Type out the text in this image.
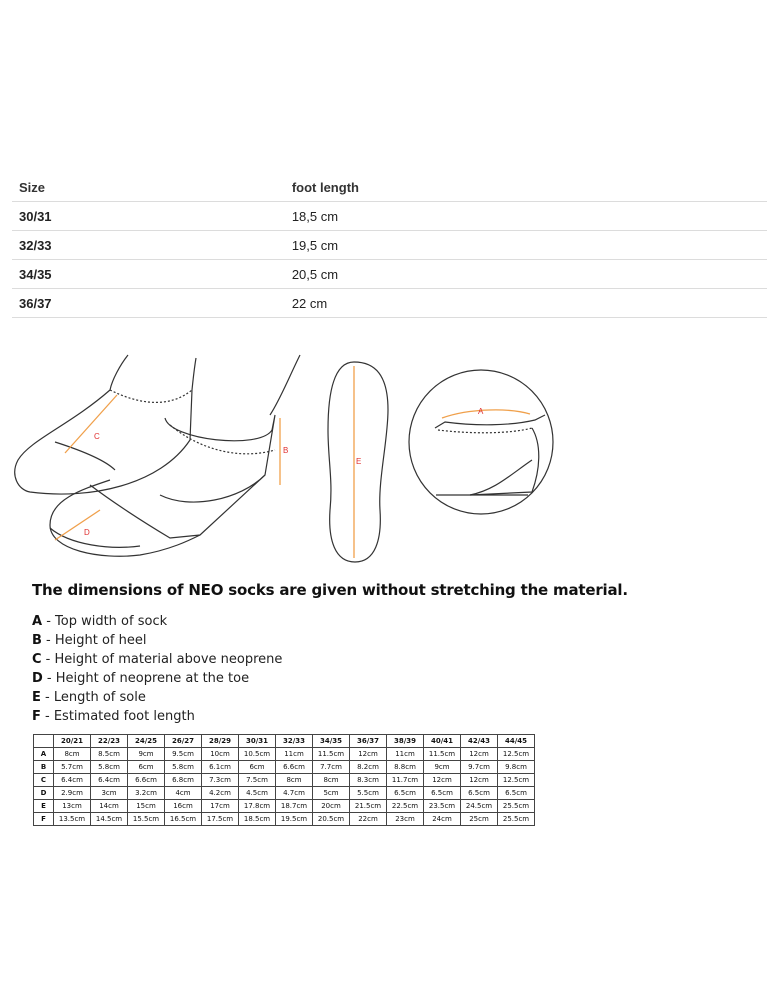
Size	foot length
30/31	18,5 cm
32/33	19,5 cm
34/35	20,5 cm
36/37	22 cm
C
D
B
E
A
The dimensions of NEO socks are given without stretching the material.
A - Top width of sock
B - Height of heel
C - Height of material above neoprene
D - Height of neoprene at the toe
E - Length of sole
F - Estimated foot length
	20/21	22/23	24/25	26/27	28/29	30/31	32/33	34/35	36/37	38/39	40/41	42/43	44/45
A	8cm	8.5cm	9cm	9.5cm	10cm	10.5cm	11cm	11.5cm	12cm	11cm	11.5cm	12cm	12.5cm
B	5.7cm	5.8cm	6cm	5.8cm	6.1cm	6cm	6.6cm	7.7cm	8.2cm	8.8cm	9cm	9.7cm	9.8cm
C	6.4cm	6.4cm	6.6cm	6.8cm	7.3cm	7.5cm	8cm	8cm	8.3cm	11.7cm	12cm	12cm	12.5cm
D	2.9cm	3cm	3.2cm	4cm	4.2cm	4.5cm	4.7cm	5cm	5.5cm	6.5cm	6.5cm	6.5cm	6.5cm
E	13cm	14cm	15cm	16cm	17cm	17.8cm	18.7cm	20cm	21.5cm	22.5cm	23.5cm	24.5cm	25.5cm
F	13.5cm	14.5cm	15.5cm	16.5cm	17.5cm	18.5cm	19.5cm	20.5cm	22cm	23cm	24cm	25cm	25.5cm
